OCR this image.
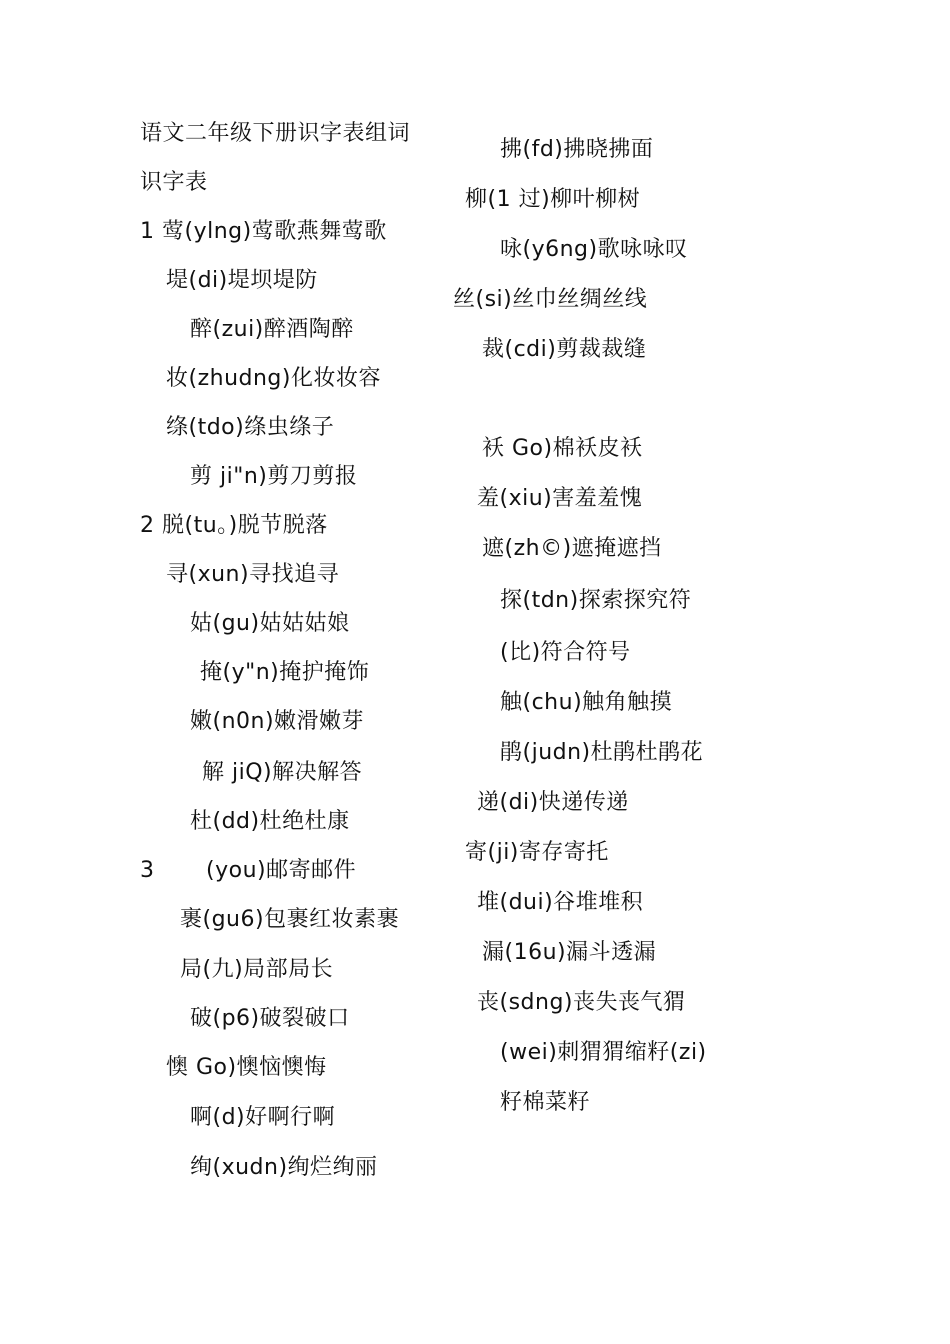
语文二年级下册识字表组词
识字表
1 莺(ylng)莺歌燕舞莺歌
堤(di)堤坝堤防
醉(zui)醉酒陶醉
妆(zhudng)化妆妆容
绦(tdo)绦虫绦子
剪 ji"n)剪刀剪报
2 脱(tu。)脱节脱落
寻(xun)寻找追寻
姑(gu)姑姑姑娘
掩(y"n)掩护掩饰
嫩(n0n)嫩滑嫩芽
解 jiQ)解决解答
杜(dd)杜绝杜康
3 (you)邮寄邮件
裹(gu6)包裹红妆素裹
局(九)局部局长
破(p6)破裂破口
懊 Go)懊恼懊悔
啊(d)好啊行啊
绚(xudn)绚烂绚丽
拂(fd)拂晓拂面
柳(1 过)柳叶柳树
咏(y6ng)歌咏咏叹
丝(si)丝巾丝绸丝线
裁(cdi)剪裁裁缝
袄 Go)棉袄皮袄
羞(xiu)害羞羞愧
遮(zh©)遮掩遮挡
探(tdn)探索探究符
(比)符合符号
触(chu)触角触摸
鹃(judn)杜鹃杜鹃花
递(di)快递传递
寄(ji)寄存寄托
堆(dui)谷堆堆积
漏(16u)漏斗透漏
丧(sdng)丧失丧气猬
(wei)刺猬猬缩籽(zi)
籽棉菜籽
